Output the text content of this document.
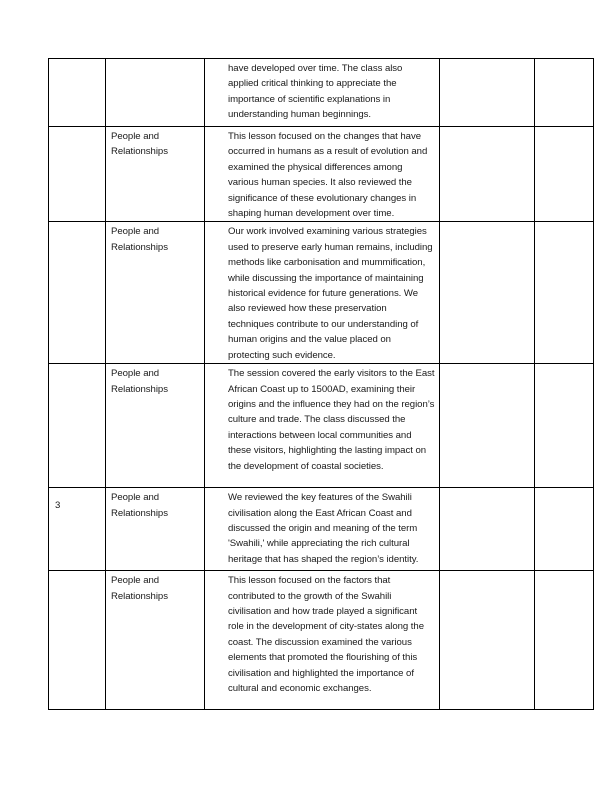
		have developed over time. The class also applied critical thinking to appreciate the importance of scientific explanations in understanding human beginnings.		

	People and Relationships	This lesson focused on the changes that have occurred in humans as a result of evolution and examined the physical differences among various human species. It also reviewed the significance of these evolutionary changes in shaping human development over time.		

	People and Relationships	Our work involved examining various strategies used to preserve early human remains, including methods like carbonisation and mummification, while discussing the importance of maintaining historical evidence for future generations. We also reviewed how these preservation techniques contribute to our understanding of human origins and the value placed on protecting such evidence.		

	People and Relationships	The session covered the early visitors to the East African Coast up to 1500AD, examining their origins and the influence they had on the region’s culture and trade. The class discussed the interactions between local communities and these visitors, highlighting the lasting impact on the development of coastal societies.		

3	People and Relationships	We reviewed the key features of the Swahili civilisation along the East African Coast and discussed the origin and meaning of the term 'Swahili,' while appreciating the rich cultural heritage that has shaped the region’s identity.		

	People and Relationships	This lesson focused on the factors that contributed to the growth of the Swahili civilisation and how trade played a significant role in the development of city-states along the coast. The discussion examined the various elements that promoted the flourishing of this civilisation and highlighted the importance of cultural and economic exchanges.		
